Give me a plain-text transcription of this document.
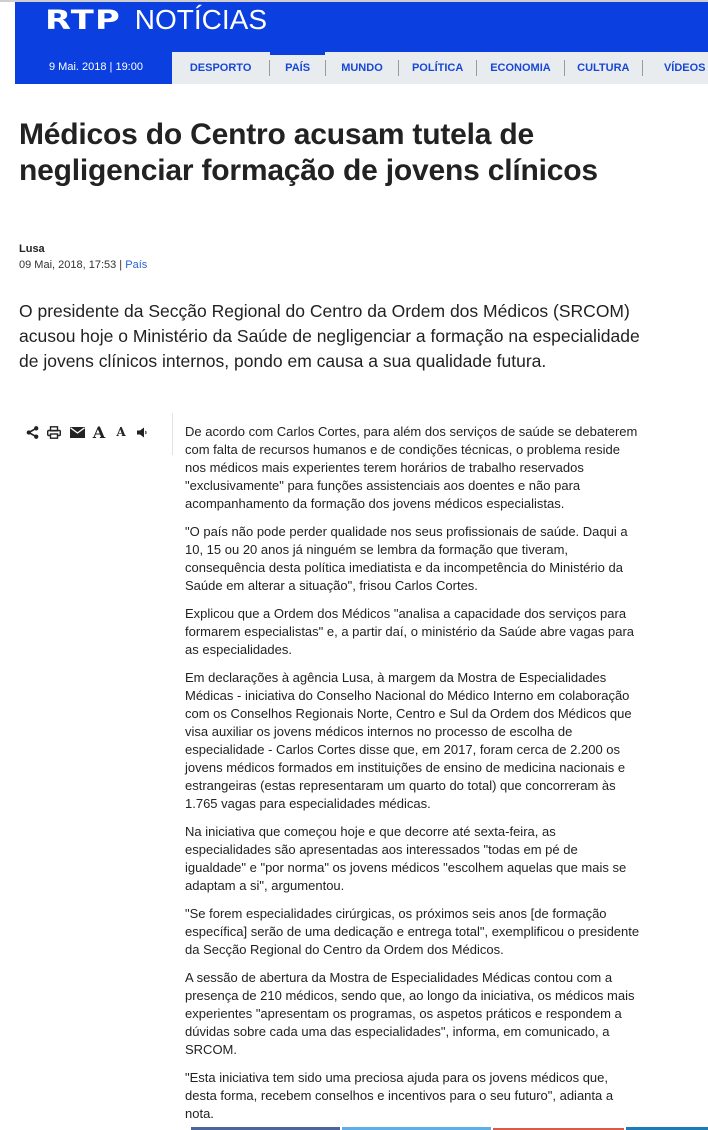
RTP NOTÍCIAS
9 Mai. 2018 | 19:00	DESPORTO	PAÍS	MUNDO	POLÍTICA ECONOMIA CULTURA	VÍDEOS
Médicos do Centro acusam tutela de negligenciar formação de jovens clínicos
Lusa
09 Mai, 2018, 17:53 | País
O presidente da Secção Regional do Centro da Ordem dos Médicos (SRCOM) acusou hoje o Ministério da Saúde de negligenciar a formação na especialidade de jovens clínicos internos, pondo em causa a sua qualidade futura.
A A	De acordo com Carlos Cortes, para além dos serviços de saúde se debaterem com falta de recursos humanos e de condições técnicas, o problema reside nos médicos mais experientes terem horários de trabalho reservados "exclusivamente" para funções assistenciais aos doentes e não para acompanhamento da formação dos jovens médicos especialistas.

"O país não pode perder qualidade nos seus profissionais de saúde. Daqui a 10, 15 ou 20 anos já ninguém se lembra da formação que tiveram, consequência desta política imediatista e da incompetência do Ministério da Saúde em alterar a situação", frisou Carlos Cortes.

Explicou que a Ordem dos Médicos "analisa a capacidade dos serviços para formarem especialistas" e, a partir daí, o ministério da Saúde abre vagas para as especialidades.

Em declarações à agência Lusa, à margem da Mostra de Especialidades Médicas - iniciativa do Conselho Nacional do Médico Interno em colaboração com os Conselhos Regionais Norte, Centro e Sul da Ordem dos Médicos que visa auxiliar os jovens médicos internos no processo de escolha de especialidade - Carlos Cortes disse que, em 2017, foram cerca de 2.200 os jovens médicos formados em instituições de ensino de medicina nacionais e estrangeiras (estas representaram um quarto do total) que concorreram às 1.765 vagas para especialidades médicas.

Na iniciativa que começou hoje e que decorre até sexta-feira, as especialidades são apresentadas aos interessados "todas em pé de igualdade" e "por norma" os jovens médicos "escolhem aquelas que mais se adaptam a si", argumentou.

"Se forem especialidades cirúrgicas, os próximos seis anos [de formação específica] serão de uma dedicação e entrega total", exemplificou o presidente da Secção Regional do Centro da Ordem dos Médicos.

A sessão de abertura da Mostra de Especialidades Médicas contou com a presença de 210 médicos, sendo que, ao longo da iniciativa, os médicos mais experientes "apresentam os programas, os aspetos práticos e respondem a dúvidas sobre cada uma das especialidades", informa, em comunicado, a SRCOM.

"Esta iniciativa tem sido uma preciosa ajuda para os jovens médicos que, desta forma, recebem conselhos e incentivos para o seu futuro", adianta a nota.
